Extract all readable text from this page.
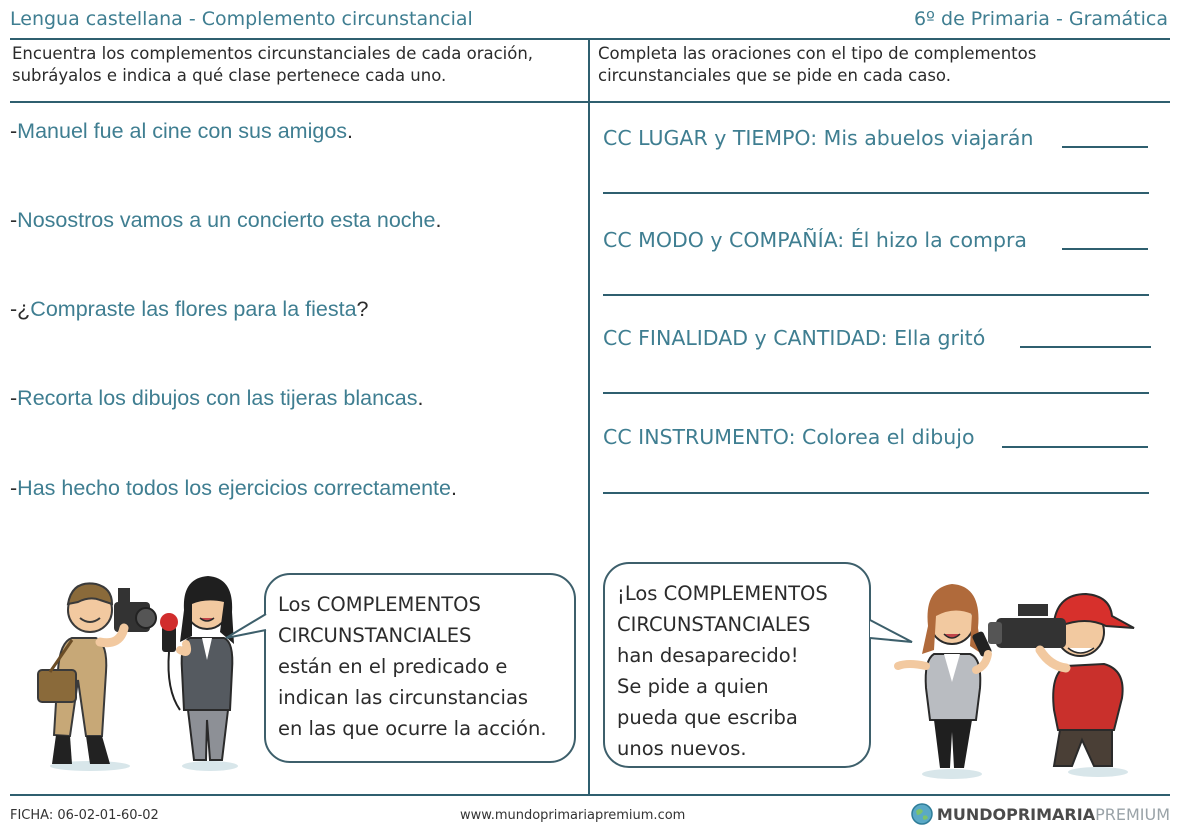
Lengua castellana - Complemento circunstancial	6º de Primaria - Gramática
Encuentra los complementos circunstanciales de cada oración, subráyalos e indica a qué clase pertenece cada uno.
Completa las oraciones con el tipo de complementos circunstanciales que se pide en cada caso.
-Manuel fue al cine con sus amigos.
-Nosostros vamos a un concierto esta noche.
-¿Compraste las flores para la fiesta?
-Recorta los dibujos con las tijeras blancas.
-Has hecho todos los ejercicios correctamente.
CC LUGAR y TIEMPO: Mis abuelos viajarán
CC MODO y COMPAÑÍA: Él hizo la compra
CC FINALIDAD y CANTIDAD: Ella gritó
CC INSTRUMENTO: Colorea el dibujo
Los COMPLEMENTOS
CIRCUNSTANCIALES
están en el predicado e
indican las circunstancias
en las que ocurre la acción.
¡Los COMPLEMENTOS
CIRCUNSTANCIALES
han desaparecido!
Se pide a quien
pueda que escriba
unos nuevos.
FICHA: 06-02-01-60-02	www.mundoprimariapremium.com	MUNDOPRIMARIA PREMIUM
